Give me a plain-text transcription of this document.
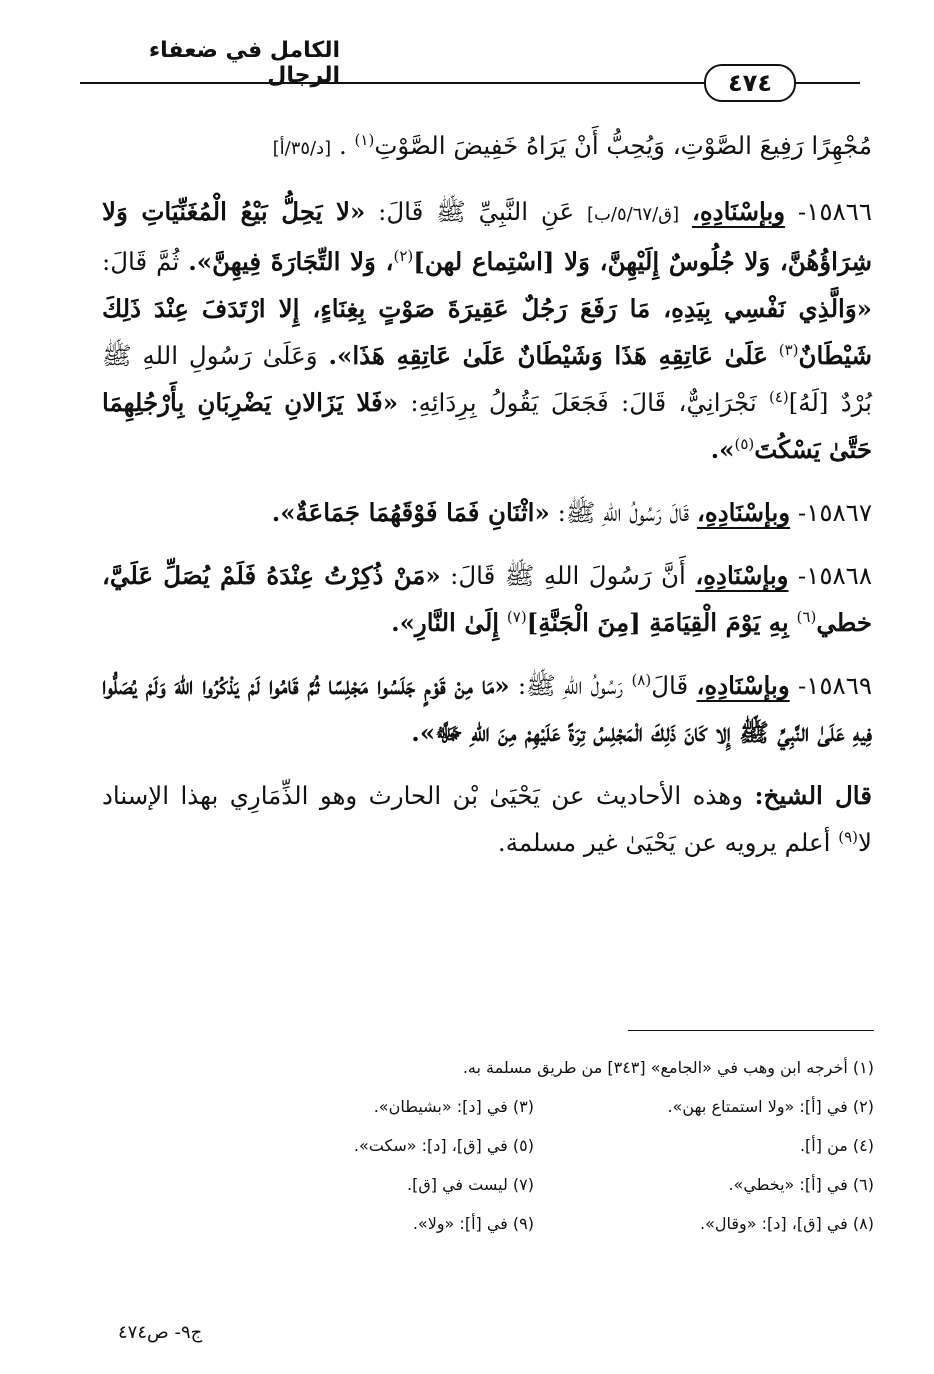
الكامل في ضعفاء الرجال	٤٧٤

مُجْهِرًا رَفِيعَ الصَّوْتِ، وَيُحِبُّ أَنْ يَرَاهُ خَفِيضَ الصَّوْتِ$^{(١)}$ . [د/٣٥/أ]

١٥٨٦٦- وبإسْنَادِهِ، [ق/٥/٦٧/ب] عَنِ النَّبِيِّ ﷺ قَالَ: «لا يَحِلُّ بَيْعُ الْمُغَنِّيَاتِ وَلا شِرَاؤُهُنَّ، وَلا جُلُوسٌ إِلَيْهِنَّ، وَلا [اسْتِماع لهن]$^{(٢)}$، وَلا التِّجَارَةَ فِيهِنَّ». ثُمَّ قَالَ: «وَالَّذِي نَفْسِي بِيَدِهِ، مَا رَفَعَ رَجُلٌ عَقِيرَةَ صَوْتٍ بِغِنَاءٍ، إِلا ارْتَدَفَ عِنْدَ ذَلِكَ شَيْطَانٌ$^{(٣)}$ عَلَىٰ عَاتِقِهِ هَذَا وَشَيْطَانٌ عَلَىٰ عَاتِقِهِ هَذَا». وَعَلَىٰ رَسُولِ اللهِ ﷺ بُرْدٌ [لَهُ]$^{(٤)}$ نَجْرَانِيٌّ، قَالَ: فَجَعَلَ يَقُولُ بِرِدَائِهِ: «فَلا يَزَالانِ يَضْرِبَانِ بِأَرْجُلِهِمَا حَتَّىٰ يَسْكُتَ$^{(٥)}$».

١٥٨٦٧- وبإسْنَادِهِ، قَالَ رَسُولُ اللهِ ﷺ: «اثْنَانِ فَمَا فَوْقَهُمَا جَمَاعَةٌ».

١٥٨٦٨- وبإسْنَادِهِ، أَنَّ رَسُولَ اللهِ ﷺ قَالَ: «مَنْ ذُكِرْتُ عِنْدَهُ فَلَمْ يُصَلِّ عَلَيَّ، خطي$^{(٦)}$ بِهِ يَوْمَ الْقِيَامَةِ [مِنَ الْجَنَّةِ]$^{(٧)}$ إِلَىٰ النَّارِ».

١٥٨٦٩- وبإسْنَادِهِ، قَالَ$^{(٨)}$ رَسُولُ اللهِ ﷺ: «مَا مِنْ قَوْمٍ جَلَسُوا مَجْلِسًا ثُمَّ قَامُوا لَمْ يَذْكُرُوا اللهَ وَلَمْ يُصَلُّوا فِيهِ عَلَىٰ النَّبِيِّ ﷺ إِلا كَانَ ذَلِكَ الْمَجْلِسُ تِرَةً عَلَيْهِمْ مِنَ اللهِ ﷻ».

قال الشيخ: وهذه الأحاديث عن يَحْيَىٰ بْن الحارث وهو الذِّمَارِي بهذا الإسناد لا$^{(٩)}$ أعلم يرويه عن يَحْيَىٰ غير مسلمة.

(١) أخرجه ابن وهب في «الجامع» [٣٤٣] من طريق مسلمة به.
(٢) في [أ]: «ولا استمتاع بهن».
(٣) في [د]: «بشيطان».
(٤) من [أ].
(٥) في [ق]، [د]: «سكت».
(٦) في [أ]: «يخطي».
(٧) ليست في [ق].
(٨) في [ق]، [د]: «وقال».
(٩) في [أ]: «ولا».
ج٩- ص٤٧٤
